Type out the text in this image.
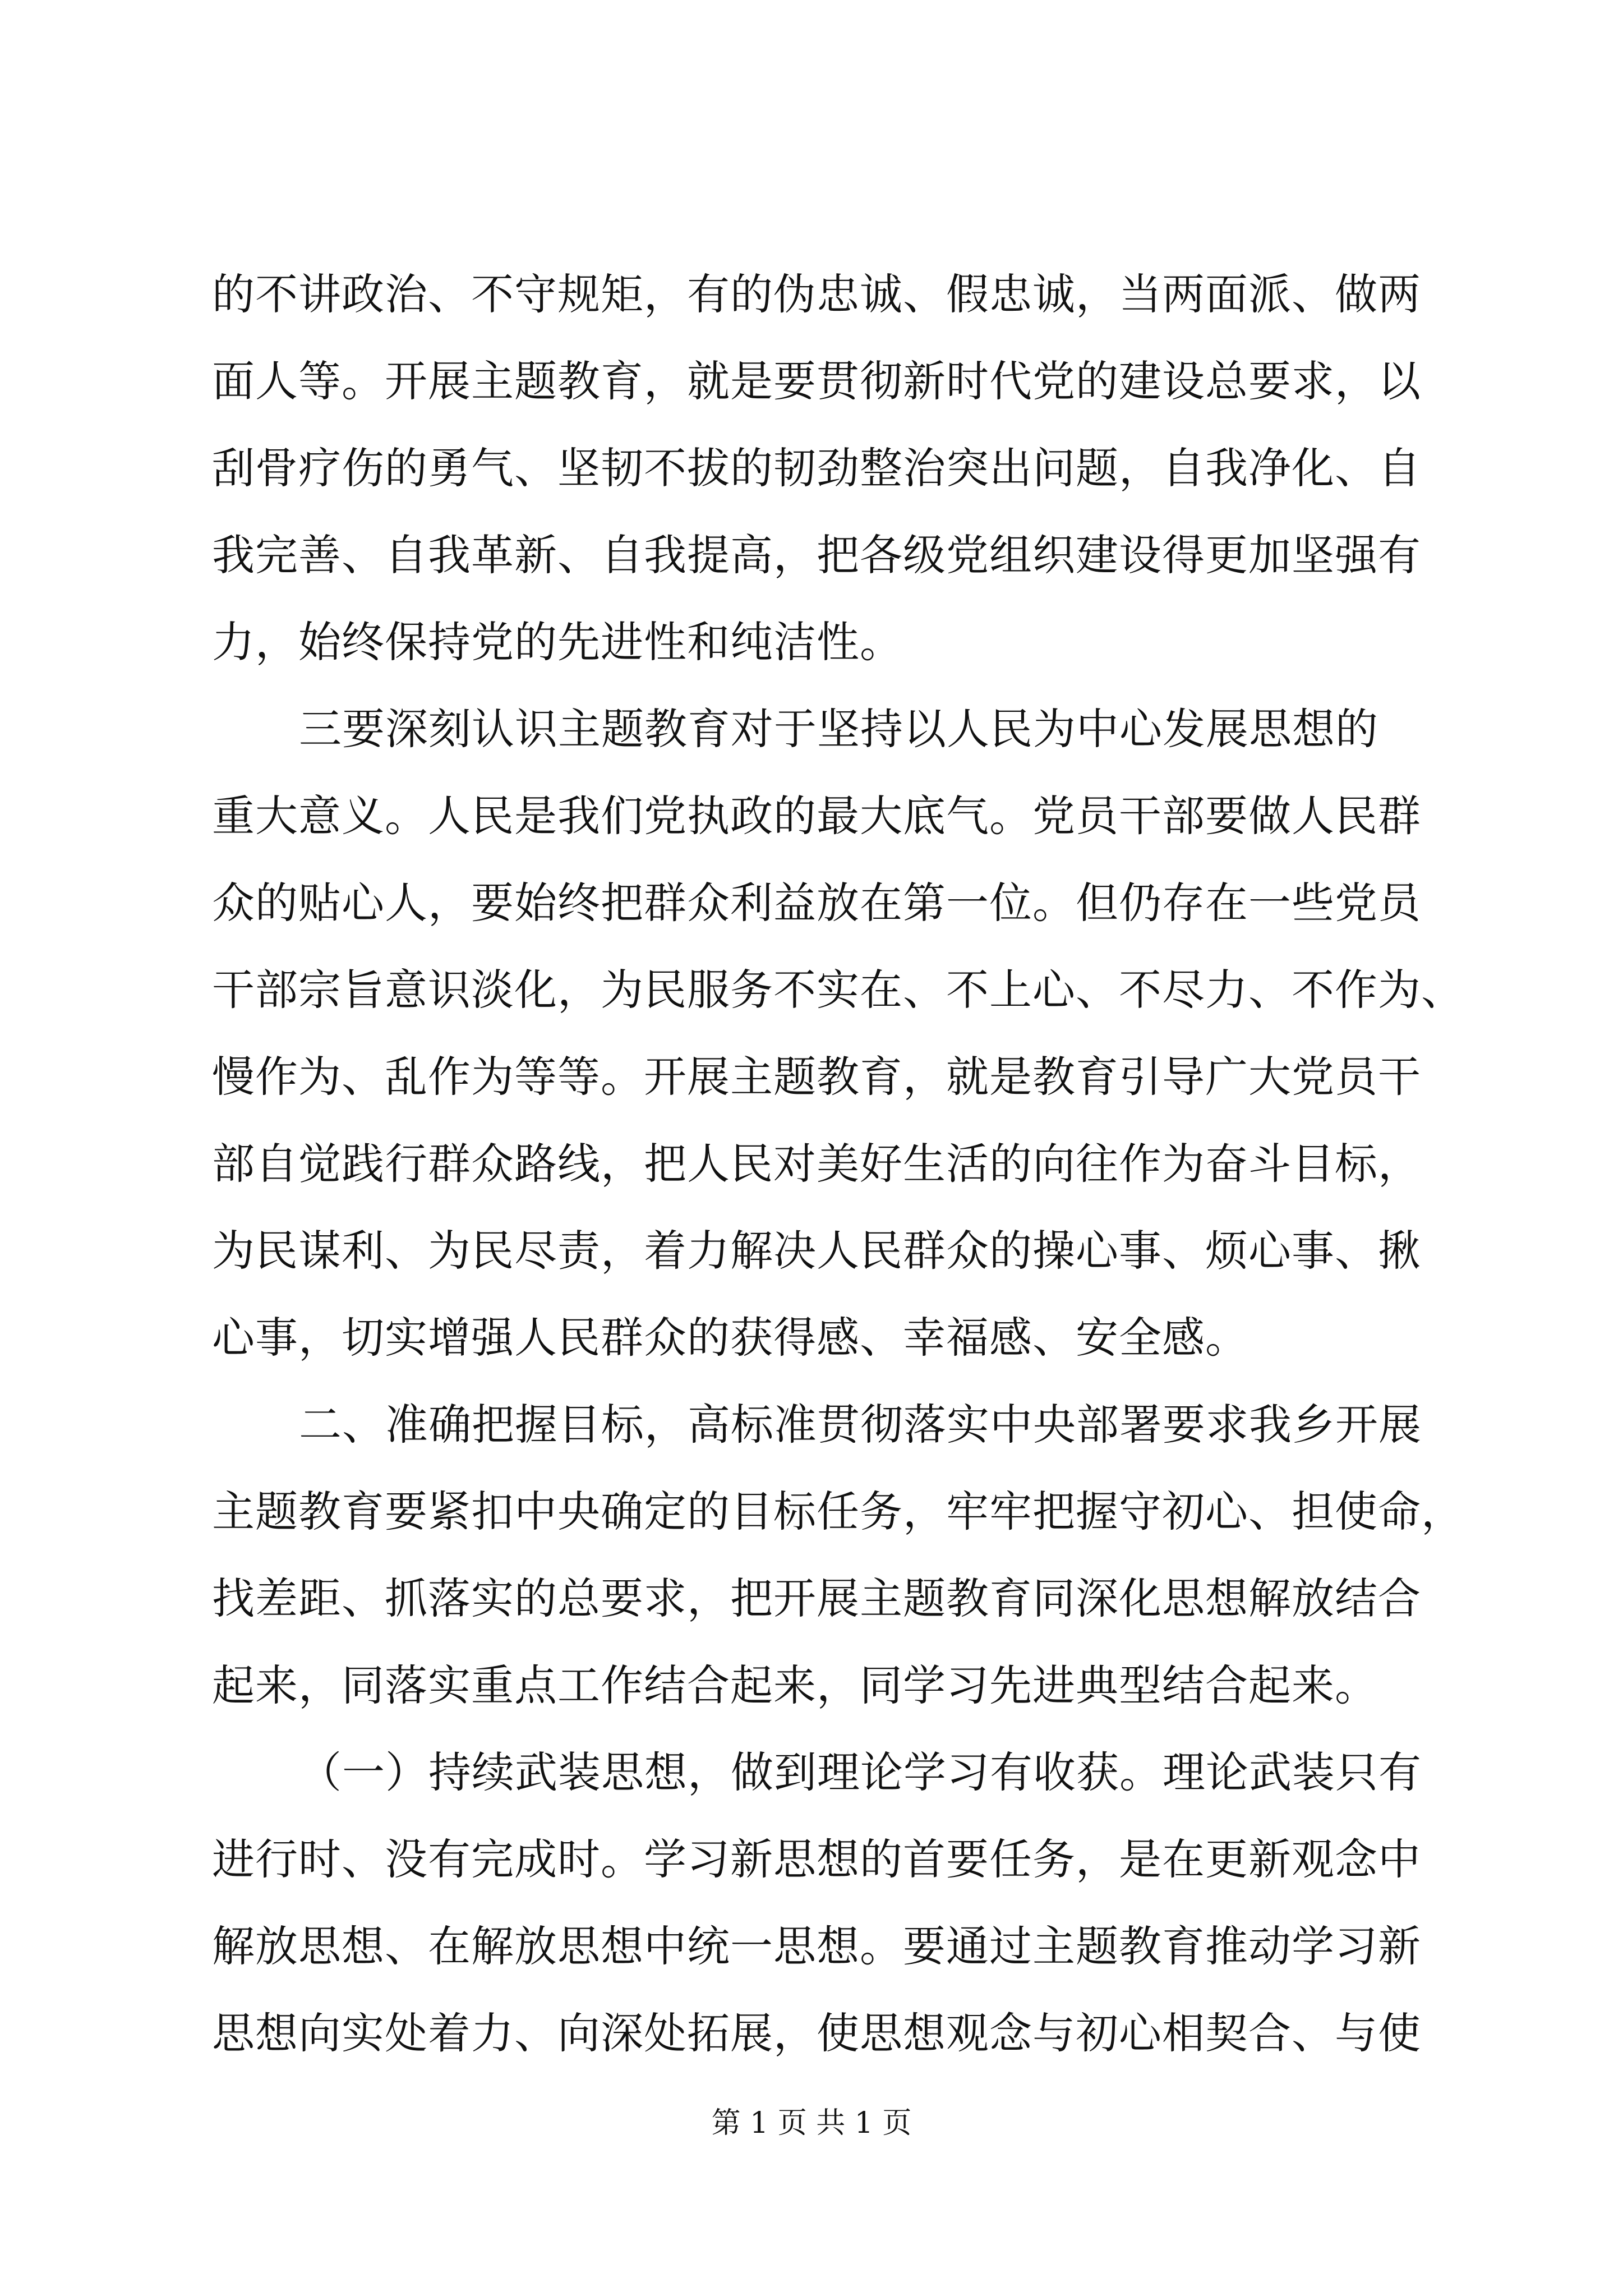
的不讲政治、不守规矩，有的伪忠诚、假忠诚，当两面派、做两
面人等。开展主题教育，就是要贯彻新时代党的建设总要求，以
刮骨疗伤的勇气、坚韧不拔的韧劲整治突出问题，自我净化、自
我完善、自我革新、自我提高，把各级党组织建设得更加坚强有
力，始终保持党的先进性和纯洁性。
三要深刻认识主题教育对于坚持以人民为中心发展思想的
重大意义。人民是我们党执政的最大底气。党员干部要做人民群
众的贴心人，要始终把群众利益放在第一位。但仍存在一些党员
干部宗旨意识淡化，为民服务不实在、不上心、不尽力、不作为、
慢作为、乱作为等等。开展主题教育，就是教育引导广大党员干
部自觉践行群众路线，把人民对美好生活的向往作为奋斗目标，
为民谋利、为民尽责，着力解决人民群众的操心事、烦心事、揪
心事，切实增强人民群众的获得感、幸福感、安全感。
二、准确把握目标，高标准贯彻落实中央部署要求我乡开展
主题教育要紧扣中央确定的目标任务，牢牢把握守初心、担使命，
找差距、抓落实的总要求，把开展主题教育同深化思想解放结合
起来，同落实重点工作结合起来，同学习先进典型结合起来。
（一）持续武装思想，做到理论学习有收获。理论武装只有
进行时、没有完成时。学习新思想的首要任务，是在更新观念中
解放思想、在解放思想中统一思想。要通过主题教育推动学习新
思想向实处着力、向深处拓展，使思想观念与初心相契合、与使
第 1 页 共 1 页
